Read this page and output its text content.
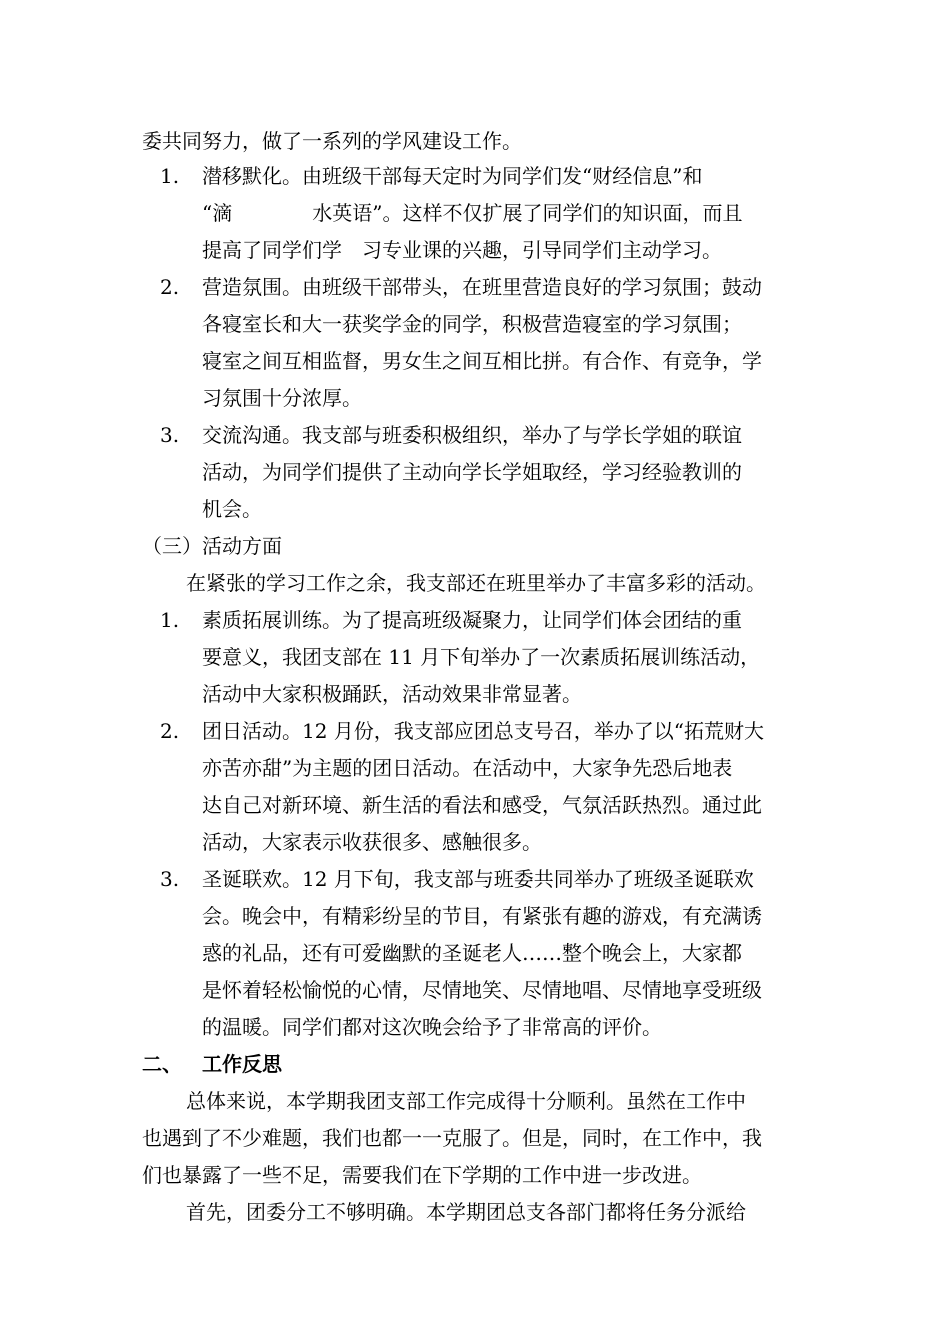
委共同努力，做了一系列的学风建设工作。
1.	潜移默化。由班级干部每天定时为同学们发“财经信息”和
“滴　　　　水英语”。这样不仅扩展了同学们的知识面，而且
提高了同学们学　习专业课的兴趣，引导同学们主动学习。
2.	营造氛围。由班级干部带头，在班里营造良好的学习氛围；鼓动
各寝室长和大一获奖学金的同学，积极营造寝室的学习氛围；
寝室之间互相监督，男女生之间互相比拼。有合作、有竞争，学
习氛围十分浓厚。
3.	交流沟通。我支部与班委积极组织，举办了与学长学姐的联谊
活动，为同学们提供了主动向学长学姐取经，学习经验教训的
机会。
（三）活动方面
在紧张的学习工作之余，我支部还在班里举办了丰富多彩的活动。
1.	素质拓展训练。为了提高班级凝聚力，让同学们体会团结的重
要意义，我团支部在 11 月下旬举办了一次素质拓展训练活动，
活动中大家积极踊跃，活动效果非常显著。
2.	团日活动。12 月份，我支部应团总支号召，举办了以“拓荒财大
亦苦亦甜”为主题的团日活动。在活动中，大家争先恐后地表
达自己对新环境、新生活的看法和感受，气氛活跃热烈。通过此
活动，大家表示收获很多、感触很多。
3.	圣诞联欢。12 月下旬，我支部与班委共同举办了班级圣诞联欢
会。晚会中，有精彩纷呈的节目，有紧张有趣的游戏，有充满诱
惑的礼品，还有可爱幽默的圣诞老人……整个晚会上，大家都
是怀着轻松愉悦的心情，尽情地笑、尽情地唱、尽情地享受班级
的温暖。同学们都对这次晚会给予了非常高的评价。
二、 工作反思
总体来说，本学期我团支部工作完成得十分顺利。虽然在工作中
也遇到了不少难题，我们也都一一克服了。但是，同时，在工作中，我
们也暴露了一些不足，需要我们在下学期的工作中进一步改进。
首先，团委分工不够明确。本学期团总支各部门都将任务分派给
